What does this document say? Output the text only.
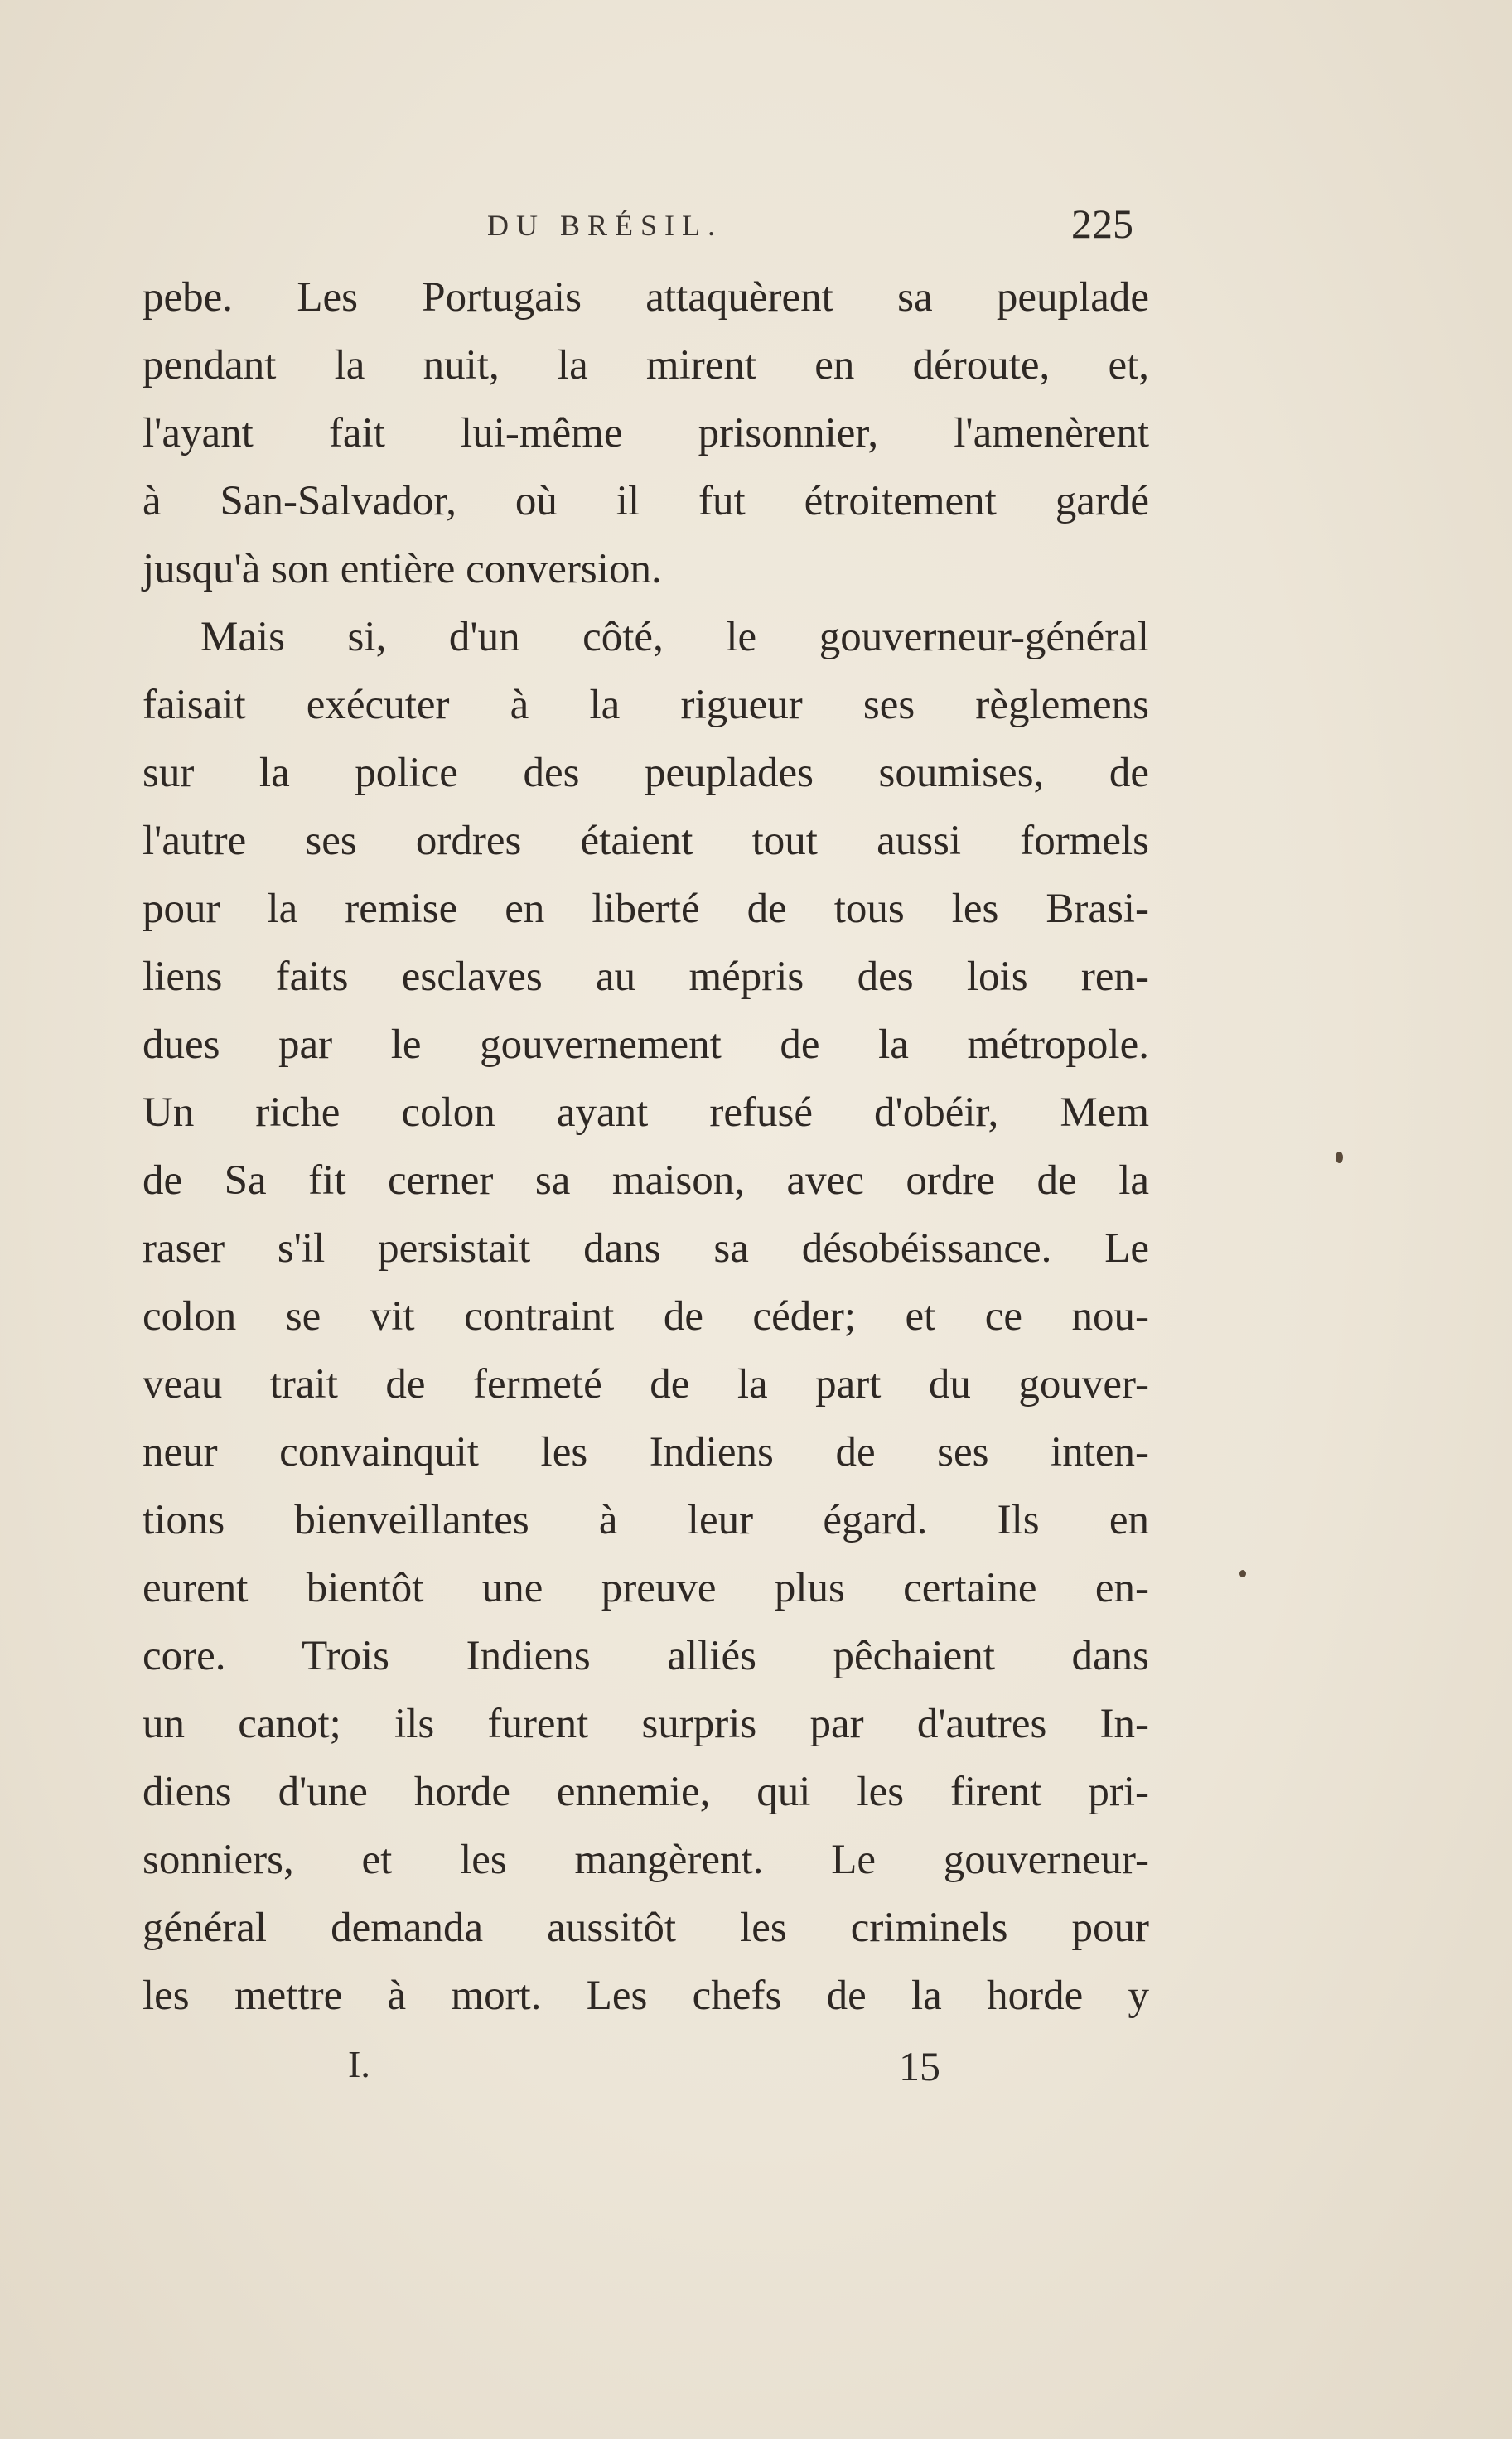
DU BRÉSIL.	225
pebe. Les Portugais attaquèrent sa peuplade
pendant la nuit, la mirent en déroute, et,
l'ayant fait lui-même prisonnier, l'amenèrent
à San-Salvador, où il fut étroitement gardé
jusqu'à son entière conversion.
Mais si, d'un côté, le gouverneur-général
faisait exécuter à la rigueur ses règlemens
sur la police des peuplades soumises, de
l'autre ses ordres étaient tout aussi formels
pour la remise en liberté de tous les Brasi-
liens faits esclaves au mépris des lois ren-
dues par le gouvernement de la métropole.
Un riche colon ayant refusé d'obéir, Mem
de Sa fit cerner sa maison, avec ordre de la
raser s'il persistait dans sa désobéissance. Le
colon se vit contraint de céder; et ce nou-
veau trait de fermeté de la part du gouver-
neur convainquit les Indiens de ses inten-
tions bienveillantes à leur égard. Ils en
eurent bientôt une preuve plus certaine en-
core. Trois Indiens alliés pêchaient dans
un canot; ils furent surpris par d'autres In-
diens d'une horde ennemie, qui les firent pri-
sonniers, et les mangèrent. Le gouverneur-
général demanda aussitôt les criminels pour
les mettre à mort. Les chefs de la horde y
I.	15
